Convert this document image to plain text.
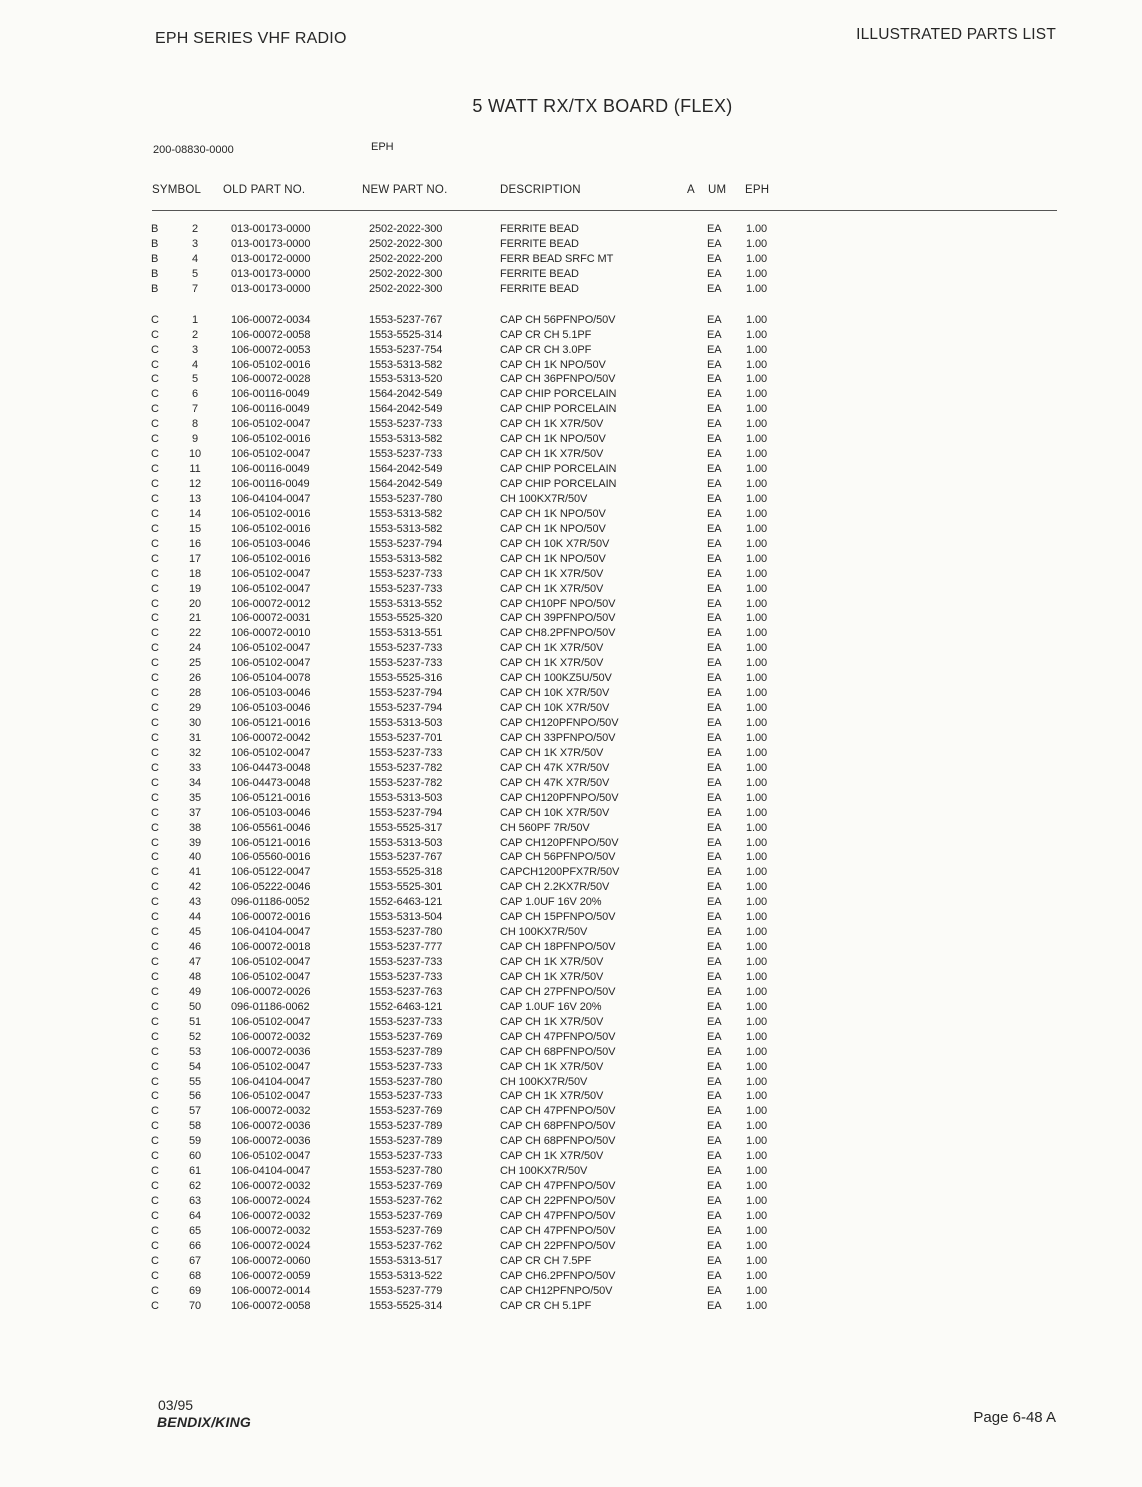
EPH SERIES VHF RADIO	ILLUSTRATED PARTS LIST
5 WATT RX/TX BOARD (FLEX)
200-08830-0000	EPH
SYMBOL OLD PART NO.	NEW PART NO.	DESCRIPTION	A UM EPH
B	2	013-00173-0000	2502-2022-300	FERRITE BEAD	EA 1.00
B	3	013-00173-0000	2502-2022-300	FERRITE BEAD	EA 1.00
B	4	013-00172-0000	2502-2022-200	FERR BEAD SRFC MT	EA 1.00
B	5	013-00173-0000	2502-2022-300	FERRITE BEAD	EA 1.00
B	7	013-00173-0000	2502-2022-300	FERRITE BEAD	EA 1.00
C	1	106-00072-0034	1553-5237-767	CAP CH 56PFNPO/50V	EA 1.00
C	2	106-00072-0058	1553-5525-314	CAP CR CH 5.1PF	EA 1.00
C	3	106-00072-0053	1553-5237-754	CAP CR CH 3.0PF	EA 1.00
C	4	106-05102-0016	1553-5313-582	CAP CH 1K NPO/50V	EA 1.00
C	5	106-00072-0028	1553-5313-520	CAP CH 36PFNPO/50V	EA 1.00
C	6	106-00116-0049	1564-2042-549	CAP CHIP PORCELAIN	EA 1.00
C	7	106-00116-0049	1564-2042-549	CAP CHIP PORCELAIN	EA 1.00
C	8	106-05102-0047	1553-5237-733	CAP CH 1K X7R/50V	EA 1.00
C	9	106-05102-0016	1553-5313-582	CAP CH 1K NPO/50V	EA 1.00
C	10	106-05102-0047	1553-5237-733	CAP CH 1K X7R/50V	EA 1.00
C	11	106-00116-0049	1564-2042-549	CAP CHIP PORCELAIN	EA 1.00
C	12	106-00116-0049	1564-2042-549	CAP CHIP PORCELAIN	EA 1.00
C	13	106-04104-0047	1553-5237-780	CH 100KX7R/50V	EA 1.00
C	14	106-05102-0016	1553-5313-582	CAP CH 1K NPO/50V	EA 1.00
C	15	106-05102-0016	1553-5313-582	CAP CH 1K NPO/50V	EA 1.00
C	16	106-05103-0046	1553-5237-794	CAP CH 10K X7R/50V	EA 1.00
C	17	106-05102-0016	1553-5313-582	CAP CH 1K NPO/50V	EA 1.00
C	18	106-05102-0047	1553-5237-733	CAP CH 1K X7R/50V	EA 1.00
C	19	106-05102-0047	1553-5237-733	CAP CH 1K X7R/50V	EA 1.00
C	20	106-00072-0012	1553-5313-552	CAP CH10PF NPO/50V	EA 1.00
C	21	106-00072-0031	1553-5525-320	CAP CH 39PFNPO/50V	EA 1.00
C	22	106-00072-0010	1553-5313-551	CAP CH8.2PFNPO/50V	EA 1.00
C	24	106-05102-0047	1553-5237-733	CAP CH 1K X7R/50V	EA 1.00
C	25	106-05102-0047	1553-5237-733	CAP CH 1K X7R/50V	EA 1.00
C	26	106-05104-0078	1553-5525-316	CAP CH 100KZ5U/50V	EA 1.00
C	28	106-05103-0046	1553-5237-794	CAP CH 10K X7R/50V	EA 1.00
C	29	106-05103-0046	1553-5237-794	CAP CH 10K X7R/50V	EA 1.00
C	30	106-05121-0016	1553-5313-503	CAP CH120PFNPO/50V	EA 1.00
C	31	106-00072-0042	1553-5237-701	CAP CH 33PFNPO/50V	EA 1.00
C	32	106-05102-0047	1553-5237-733	CAP CH 1K X7R/50V	EA 1.00
C	33	106-04473-0048	1553-5237-782	CAP CH 47K X7R/50V	EA 1.00
C	34	106-04473-0048	1553-5237-782	CAP CH 47K X7R/50V	EA 1.00
C	35	106-05121-0016	1553-5313-503	CAP CH120PFNPO/50V	EA 1.00
C	37	106-05103-0046	1553-5237-794	CAP CH 10K X7R/50V	EA 1.00
C	38	106-05561-0046	1553-5525-317	CH 560PF 7R/50V	EA 1.00
C	39	106-05121-0016	1553-5313-503	CAP CH120PFNPO/50V	EA 1.00
C	40	106-05560-0016	1553-5237-767	CAP CH 56PFNPO/50V	EA 1.00
C	41	106-05122-0047	1553-5525-318	CAPCH1200PFX7R/50V	EA 1.00
C	42	106-05222-0046	1553-5525-301	CAP CH 2.2KX7R/50V	EA 1.00
C	43	096-01186-0052	1552-6463-121	CAP 1.0UF 16V 20%	EA 1.00
C	44	106-00072-0016	1553-5313-504	CAP CH 15PFNPO/50V	EA 1.00
C	45	106-04104-0047	1553-5237-780	CH 100KX7R/50V	EA 1.00
C	46	106-00072-0018	1553-5237-777	CAP CH 18PFNPO/50V	EA 1.00
C	47	106-05102-0047	1553-5237-733	CAP CH 1K X7R/50V	EA 1.00
C	48	106-05102-0047	1553-5237-733	CAP CH 1K X7R/50V	EA 1.00
C	49	106-00072-0026	1553-5237-763	CAP CH 27PFNPO/50V	EA 1.00
C	50	096-01186-0062	1552-6463-121	CAP 1.0UF 16V 20%	EA 1.00
C	51	106-05102-0047	1553-5237-733	CAP CH 1K X7R/50V	EA 1.00
C	52	106-00072-0032	1553-5237-769	CAP CH 47PFNPO/50V	EA 1.00
C	53	106-00072-0036	1553-5237-789	CAP CH 68PFNPO/50V	EA 1.00
C	54	106-05102-0047	1553-5237-733	CAP CH 1K X7R/50V	EA 1.00
C	55	106-04104-0047	1553-5237-780	CH 100KX7R/50V	EA 1.00
C	56	106-05102-0047	1553-5237-733	CAP CH 1K X7R/50V	EA 1.00
C	57	106-00072-0032	1553-5237-769	CAP CH 47PFNPO/50V	EA 1.00
C	58	106-00072-0036	1553-5237-789	CAP CH 68PFNPO/50V	EA 1.00
C	59	106-00072-0036	1553-5237-789	CAP CH 68PFNPO/50V	EA 1.00
C	60	106-05102-0047	1553-5237-733	CAP CH 1K X7R/50V	EA 1.00
C	61	106-04104-0047	1553-5237-780	CH 100KX7R/50V	EA 1.00
C	62	106-00072-0032	1553-5237-769	CAP CH 47PFNPO/50V	EA 1.00
C	63	106-00072-0024	1553-5237-762	CAP CH 22PFNPO/50V	EA 1.00
C	64	106-00072-0032	1553-5237-769	CAP CH 47PFNPO/50V	EA 1.00
C	65	106-00072-0032	1553-5237-769	CAP CH 47PFNPO/50V	EA 1.00
C	66	106-00072-0024	1553-5237-762	CAP CH 22PFNPO/50V	EA 1.00
C	67	106-00072-0060	1553-5313-517	CAP CR CH 7.5PF	EA 1.00
C	68	106-00072-0059	1553-5313-522	CAP CH6.2PFNPO/50V	EA 1.00
C	69	106-00072-0014	1553-5237-779	CAP CH12PFNPO/50V	EA 1.00
C	70	106-00072-0058	1553-5525-314	CAP CR CH 5.1PF	EA 1.00
03/95
BENDIX/KING	Page 6-48 A
